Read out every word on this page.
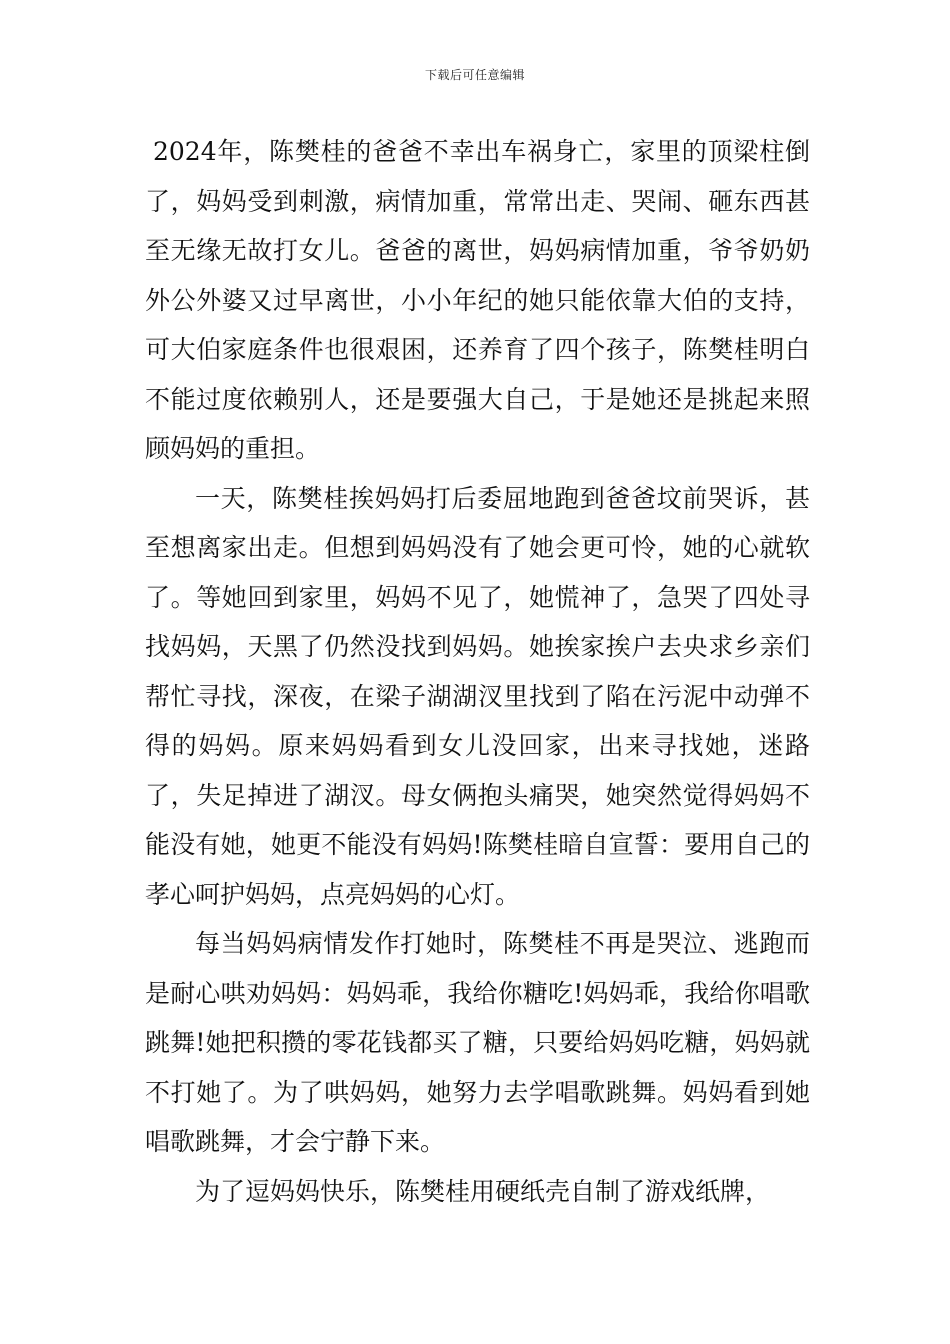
下载后可任意编辑

2024年，陈樊桂的爸爸不幸出车祸身亡，家里的顶梁柱倒了，妈妈受到刺激，病情加重，常常出走、哭闹、砸东西甚至无缘无故打女儿。爸爸的离世，妈妈病情加重，爷爷奶奶外公外婆又过早离世，小小年纪的她只能依靠大伯的支持，可大伯家庭条件也很艰困，还养育了四个孩子，陈樊桂明白不能过度依赖别人，还是要强大自己，于是她还是挑起来照顾妈妈的重担。

一天，陈樊桂挨妈妈打后委屈地跑到爸爸坟前哭诉，甚至想离家出走。但想到妈妈没有了她会更可怜，她的心就软了。等她回到家里，妈妈不见了，她慌神了，急哭了四处寻找妈妈，天黑了仍然没找到妈妈。她挨家挨户去央求乡亲们帮忙寻找，深夜，在梁子湖湖汊里找到了陷在污泥中动弹不得的妈妈。原来妈妈看到女儿没回家，出来寻找她，迷路了，失足掉进了湖汊。母女俩抱头痛哭，她突然觉得妈妈不能没有她，她更不能没有妈妈!陈樊桂暗自宣誓：要用自己的孝心呵护妈妈，点亮妈妈的心灯。

每当妈妈病情发作打她时，陈樊桂不再是哭泣、逃跑而是耐心哄劝妈妈：妈妈乖，我给你糖吃!妈妈乖，我给你唱歌跳舞!她把积攒的零花钱都买了糖，只要给妈妈吃糖，妈妈就不打她了。为了哄妈妈，她努力去学唱歌跳舞。妈妈看到她唱歌跳舞，才会宁静下来。

为了逗妈妈快乐，陈樊桂用硬纸壳自制了游戏纸牌，
